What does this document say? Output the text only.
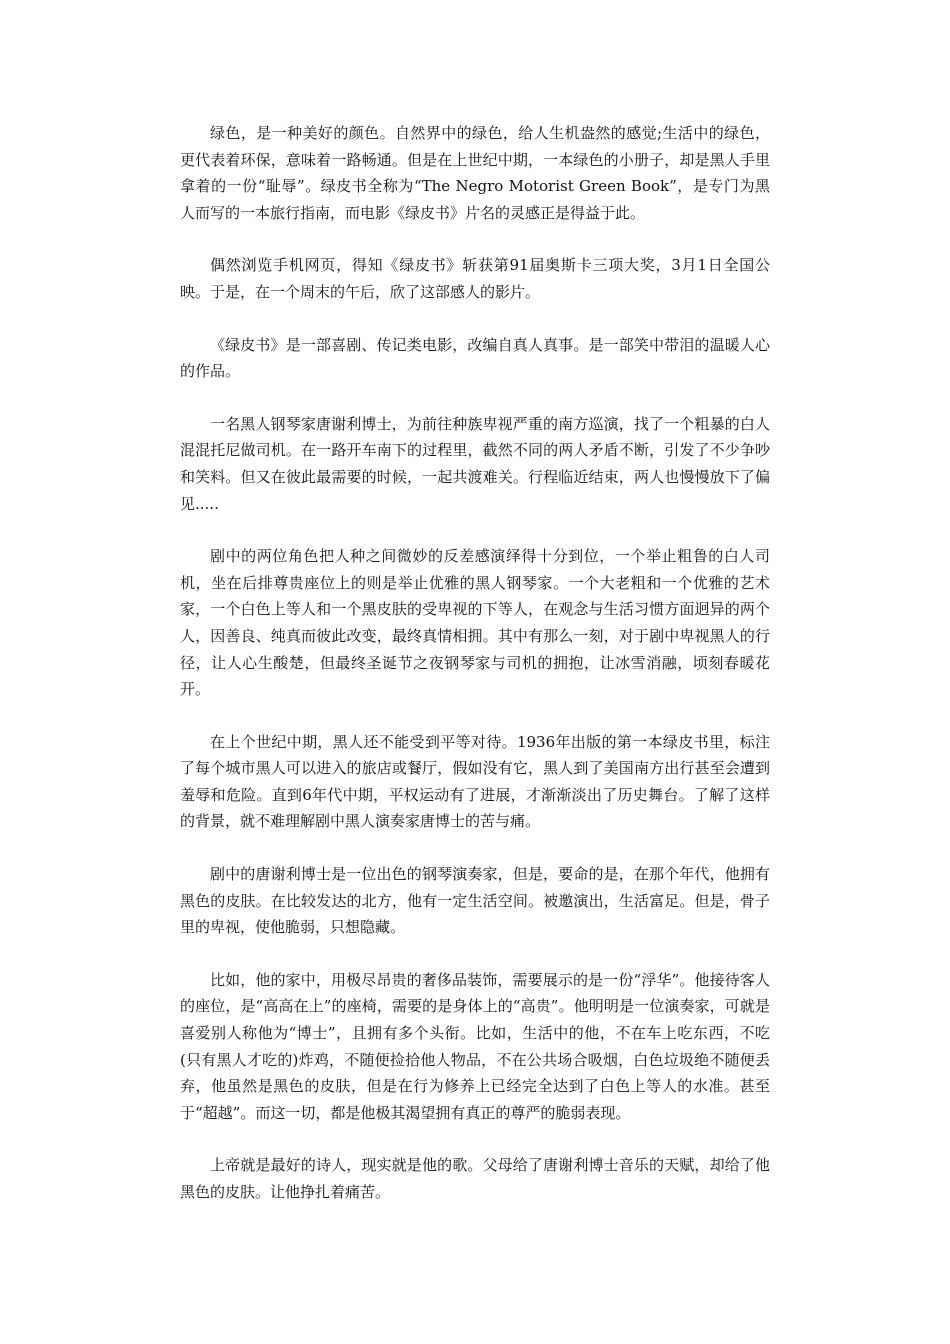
绿色，是一种美好的颜色。自然界中的绿色，给人生机盎然的感觉;生活中的绿色，更代表着环保，意味着一路畅通。但是在上世纪中期，一本绿色的小册子，却是黑人手里拿着的一份“耻辱”。绿皮书全称为“The Negro Motorist Green Book”，是专门为黑人而写的一本旅行指南，而电影《绿皮书》片名的灵感正是得益于此。

偶然浏览手机网页，得知《绿皮书》斩获第91届奥斯卡三项大奖，3月1日全国公映。于是，在一个周末的午后，欣了这部感人的影片。

《绿皮书》是一部喜剧、传记类电影，改编自真人真事。是一部笑中带泪的温暖人心的作品。

一名黑人钢琴家唐谢利博士，为前往种族卑视严重的南方巡演，找了一个粗暴的白人混混托尼做司机。在一路开车南下的过程里，截然不同的两人矛盾不断，引发了不少争吵和笑料。但又在彼此最需要的时候，一起共渡难关。行程临近结束，两人也慢慢放下了偏见.....

剧中的两位角色把人种之间微妙的反差感演绎得十分到位，一个举止粗鲁的白人司机，坐在后排尊贵座位上的则是举止优雅的黑人钢琴家。一个大老粗和一个优雅的艺术家，一个白色上等人和一个黑皮肤的受卑视的下等人，在观念与生活习惯方面迥异的两个人，因善良、纯真而彼此改变，最终真情相拥。其中有那么一刻，对于剧中卑视黑人的行径，让人心生酸楚，但最终圣诞节之夜钢琴家与司机的拥抱，让冰雪消融，顷刻春暖花开。

在上个世纪中期，黑人还不能受到平等对待。1936年出版的第一本绿皮书里，标注了每个城市黑人可以进入的旅店或餐厅，假如没有它，黑人到了美国南方出行甚至会遭到羞辱和危险。直到6年代中期，平权运动有了进展，才渐渐淡出了历史舞台。了解了这样的背景，就不难理解剧中黑人演奏家唐博士的苦与痛。

剧中的唐谢利博士是一位出色的钢琴演奏家，但是，要命的是，在那个年代，他拥有黑色的皮肤。在比较发达的北方，他有一定生活空间。被邀演出，生活富足。但是，骨子里的卑视，使他脆弱，只想隐藏。

比如，他的家中，用极尽昂贵的奢侈品装饰，需要展示的是一份“浮华”。他接待客人的座位，是“高高在上”的座椅，需要的是身体上的“高贵”。他明明是一位演奏家，可就是喜爱别人称他为“博士”，且拥有多个头衔。比如，生活中的他，不在车上吃东西，不吃(只有黑人才吃的)炸鸡，不随便捡拾他人物品，不在公共场合吸烟，白色垃圾绝不随便丢弃，他虽然是黑色的皮肤，但是在行为修养上已经完全达到了白色上等人的水准。甚至于“超越”。而这一切，都是他极其渴望拥有真正的尊严的脆弱表现。

上帝就是最好的诗人，现实就是他的歌。父母给了唐谢利博士音乐的天赋，却给了他黑色的皮肤。让他挣扎着痛苦。
